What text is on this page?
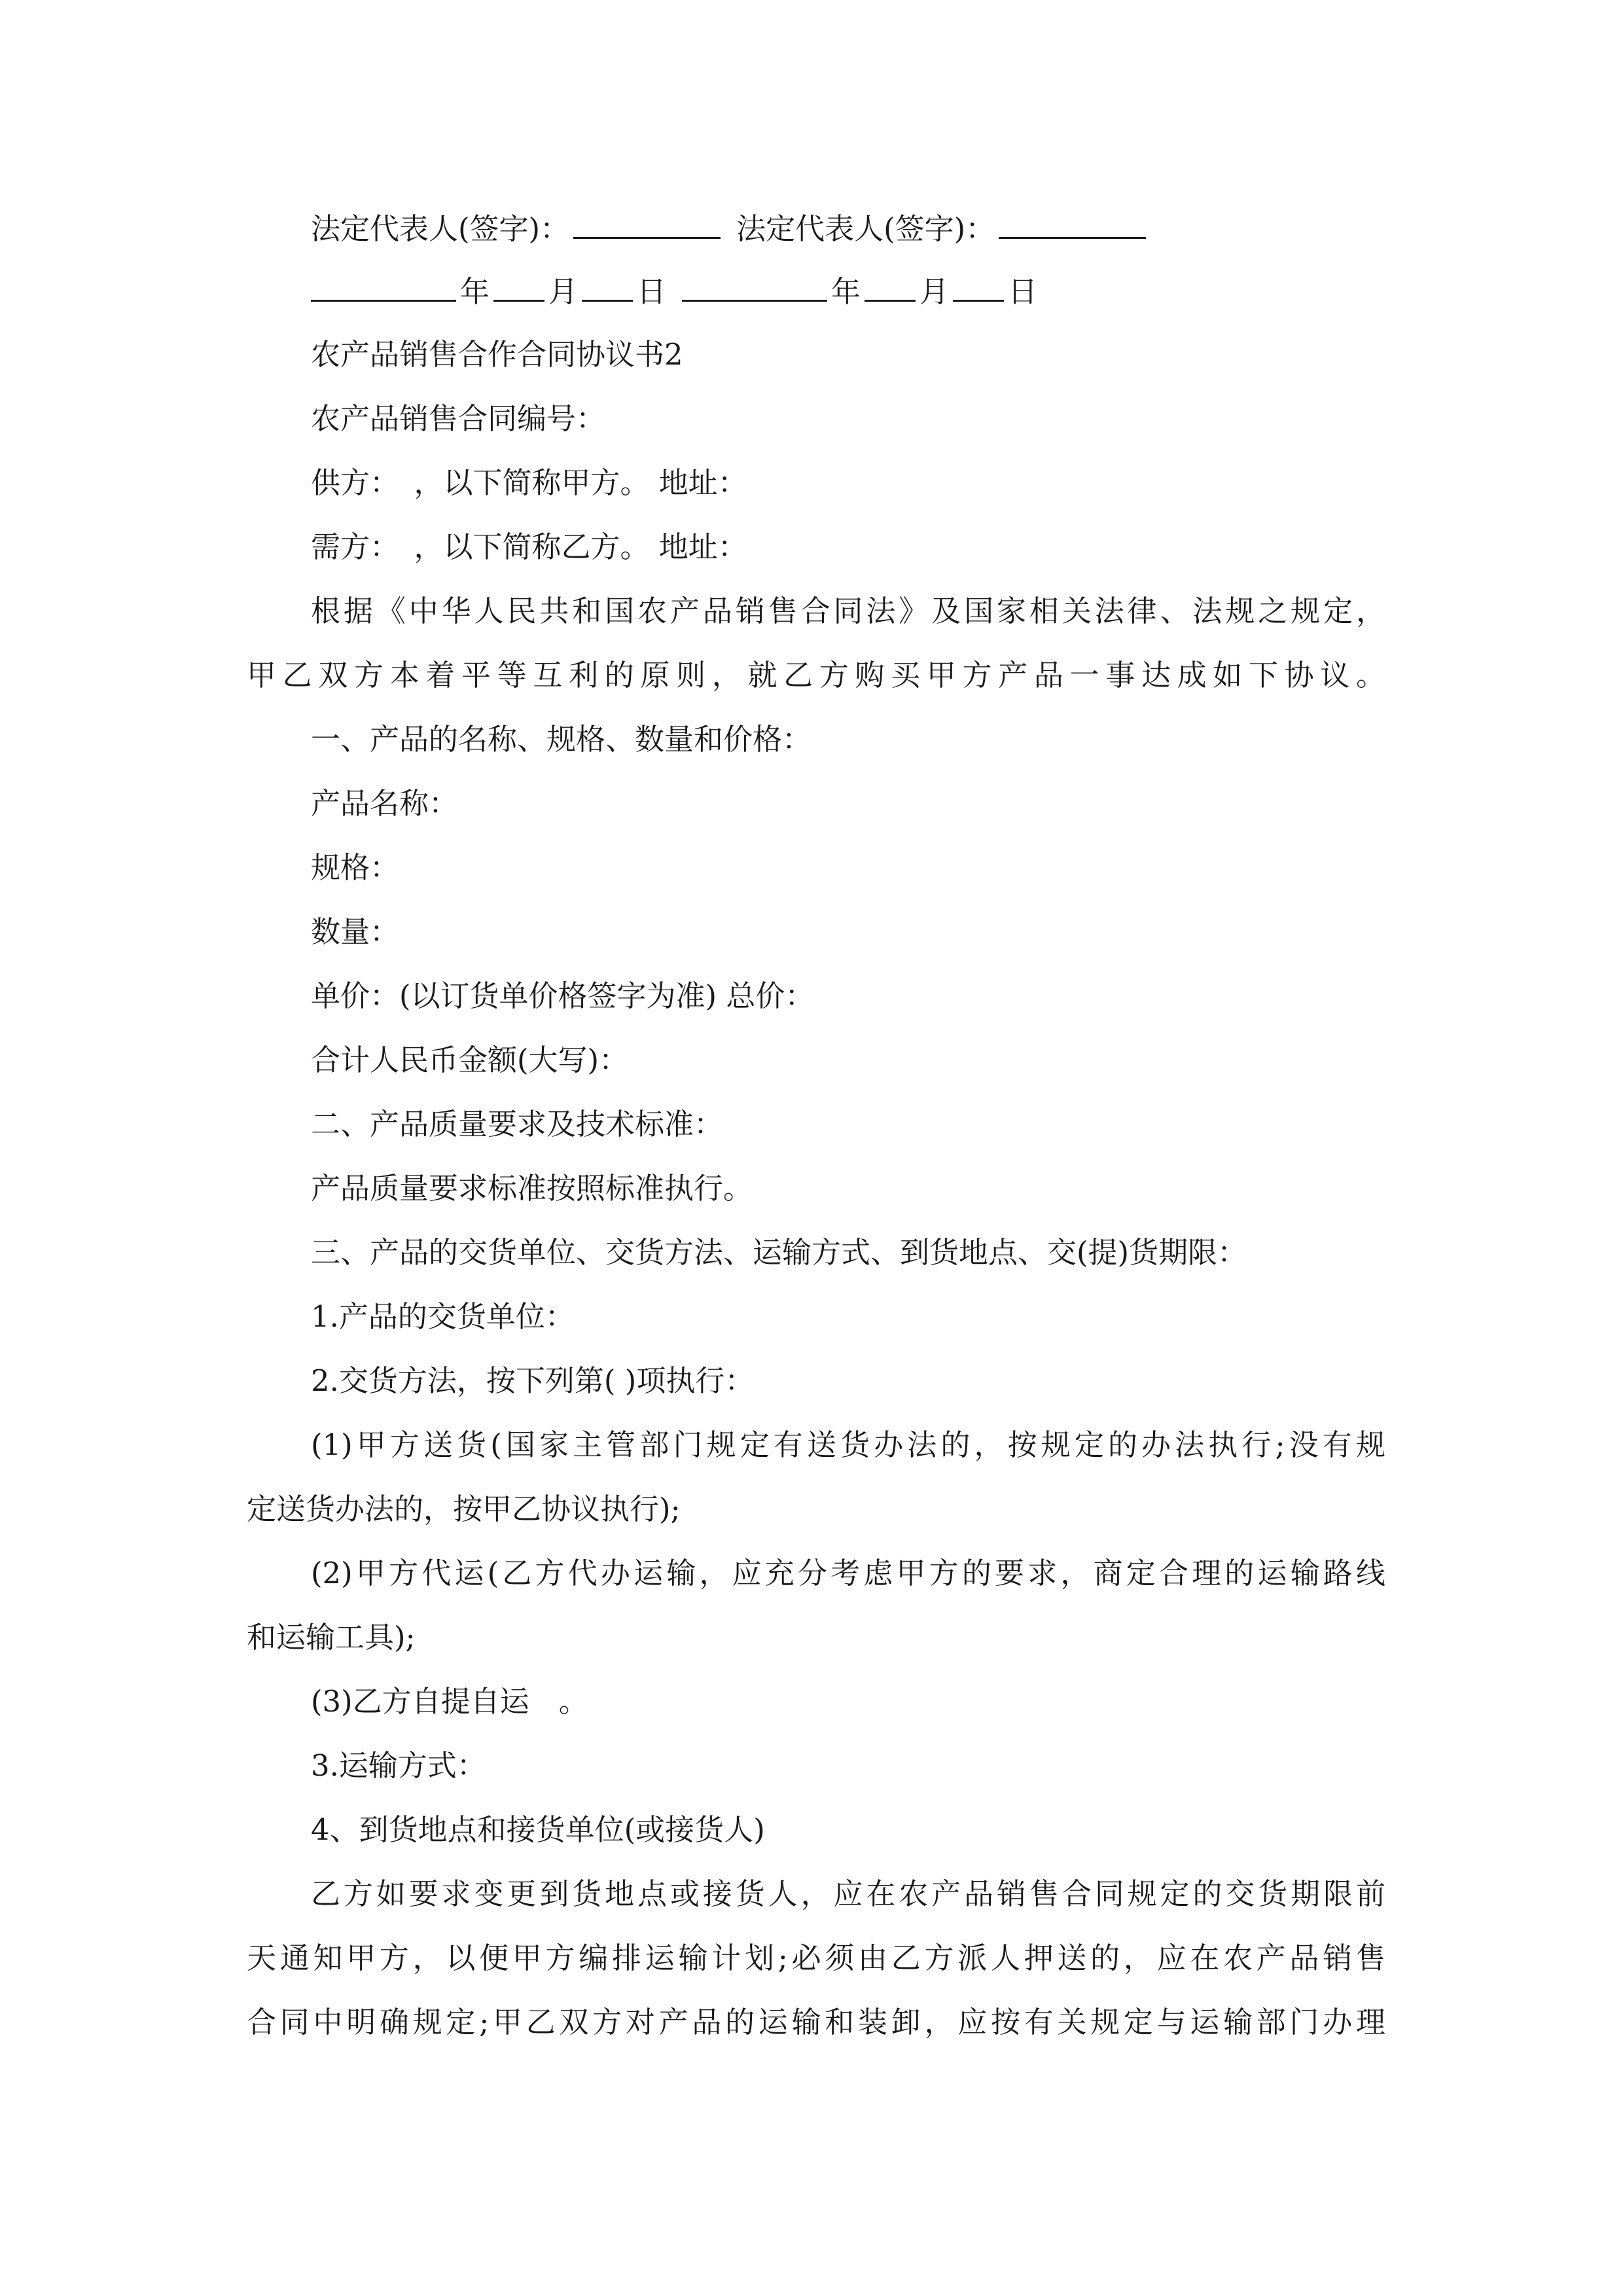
法定代表人(签字)：	法定代表人(签字)：
年 月 日	年 月 日
农产品销售合作合同协议书2
农产品销售合同编号：
供方：　，以下简称甲方。 地址：
需方：　，以下简称乙方。 地址：
根据《中华人民共和国农产品销售合同法》及国家相关法律、法规之规定，
甲乙双方本着平等互利的原则，就乙方购买甲方产品一事达成如下协议。
一、产品的名称、规格、数量和价格：
产品名称：
规格：
数量：
单价：(以订货单价格签字为准) 总价：
合计人民币金额(大写)：
二、产品质量要求及技术标准：
产品质量要求标准按照标准执行。
三、产品的交货单位、交货方法、运输方式、到货地点、交(提)货期限：
1.产品的交货单位：
2.交货方法，按下列第( )项执行：
(1)甲方送货(国家主管部门规定有送货办法的，按规定的办法执行;没有规
定送货办法的，按甲乙协议执行);
(2)甲方代运(乙方代办运输，应充分考虑甲方的要求，商定合理的运输路线
和运输工具);
(3)乙方自提自运　。
3.运输方式：
4、到货地点和接货单位(或接货人)
乙方如要求变更到货地点或接货人，应在农产品销售合同规定的交货期限前
天通知甲方，以便甲方编排运输计划;必须由乙方派人押送的，应在农产品销售
合同中明确规定;甲乙双方对产品的运输和装卸，应按有关规定与运输部门办理
